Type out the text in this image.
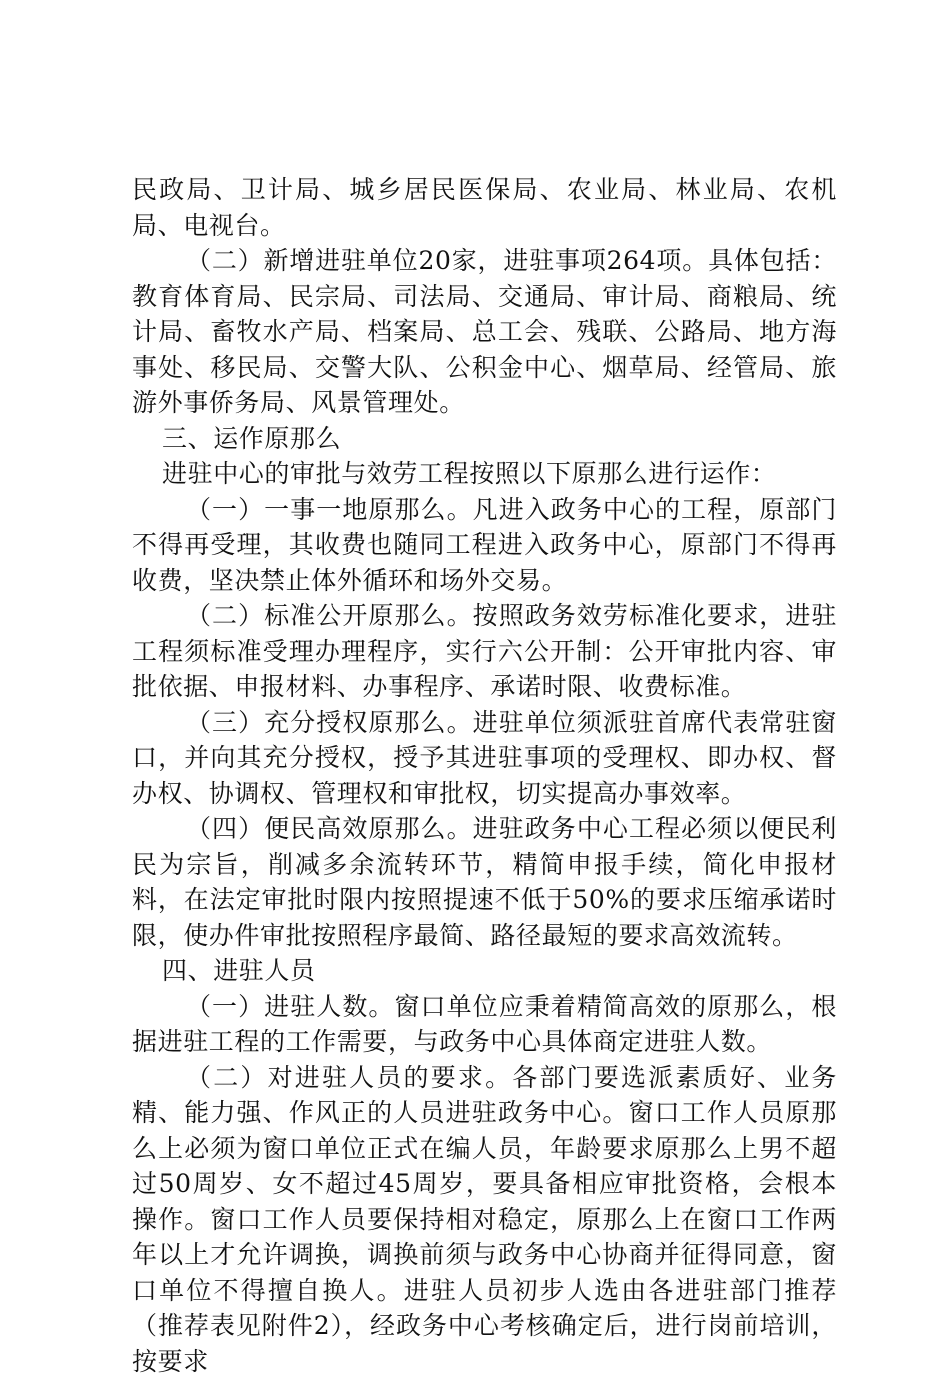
民政局、卫计局、城乡居民医保局、农业局、林业局、农机局、电视台。

（二）新增进驻单位20家，进驻事项264项。具体包括：教育体育局、民宗局、司法局、交通局、审计局、商粮局、统计局、畜牧水产局、档案局、总工会、残联、公路局、地方海事处、移民局、交警大队、公积金中心、烟草局、经管局、旅游外事侨务局、风景管理处。

三、运作原那么

进驻中心的审批与效劳工程按照以下原那么进行运作：

（一）一事一地原那么。凡进入政务中心的工程，原部门不得再受理，其收费也随同工程进入政务中心，原部门不得再收费，坚决禁止体外循环和场外交易。

（二）标准公开原那么。按照政务效劳标准化要求，进驻工程须标准受理办理程序，实行六公开制：公开审批内容、审批依据、申报材料、办事程序、承诺时限、收费标准。

（三）充分授权原那么。进驻单位须派驻首席代表常驻窗口，并向其充分授权，授予其进驻事项的受理权、即办权、督办权、协调权、管理权和审批权，切实提高办事效率。

（四）便民高效原那么。进驻政务中心工程必须以便民利民为宗旨，削减多余流转环节，精简申报手续，简化申报材料，在法定审批时限内按照提速不低于50%的要求压缩承诺时限，使办件审批按照程序最简、路径最短的要求高效流转。

四、进驻人员

（一）进驻人数。窗口单位应秉着精简高效的原那么，根据进驻工程的工作需要，与政务中心具体商定进驻人数。

（二）对进驻人员的要求。各部门要选派素质好、业务精、能力强、作风正的人员进驻政务中心。窗口工作人员原那么上必须为窗口单位正式在编人员，年龄要求原那么上男不超过50周岁、女不超过45周岁，要具备相应审批资格，会根本操作。窗口工作人员要保持相对稳定，原那么上在窗口工作两年以上才允许调换，调换前须与政务中心协商并征得同意，窗口单位不得擅自换人。进驻人员初步人选由各进驻部门推荐（推荐表见附件2），经政务中心考核确定后，进行岗前培训，按要求
